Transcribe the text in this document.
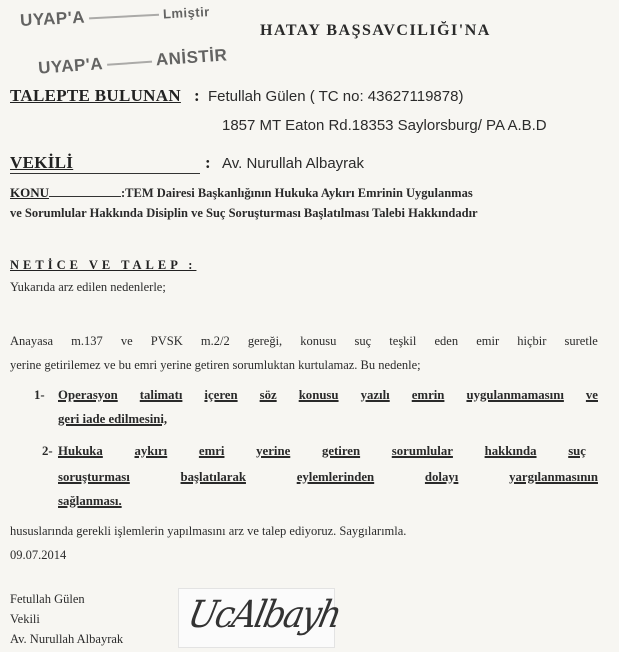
UYAP'A	Lmiştir
UYAP'A	ANİSTİR
HATAY BAŞSAVCILIĞI'NA
TALEPTE BULUNAN : Fetullah Gülen ( TC no: 43627119878)
1857 MT Eaton Rd.18353 Saylorsburg/ PA A.B.D
VEKİLİ	: Av. Nurullah Albayrak
KONU	:TEM Dairesi Başkanlığının Hukuka Aykırı Emrinin Uygulanmas
ve Sorumlular Hakkında Disiplin ve Suç Soruşturması Başlatılması Talebi Hakkındadır
NETİCE VE TALEP :
Yukarıda arz edilen nedenlerle;
Anayasa m.137 ve PVSK m.2/2 gereği, konusu suç teşkil eden emir hiçbir suretle
yerine getirilemez ve bu emri yerine getiren sorumluktan kurtulamaz. Bu nedenle;
1- Operasyon talimatı içeren söz konusu yazılı emrin uygulanmamasını ve
geri iade edilmesini,
2- Hukuka aykırı emri yerine getiren sorumlular hakkında suç
soruşturması	başlatılarak	eylemlerinden	dolayı	yargılanmasının
sağlanması.
hususlarında gerekli işlemlerin yapılmasını arz ve talep ediyoruz. Saygılarımla.
09.07.2014
Fetullah Gülen
Vekili
Av. Nurullah Albayrak
UcAlbayh
